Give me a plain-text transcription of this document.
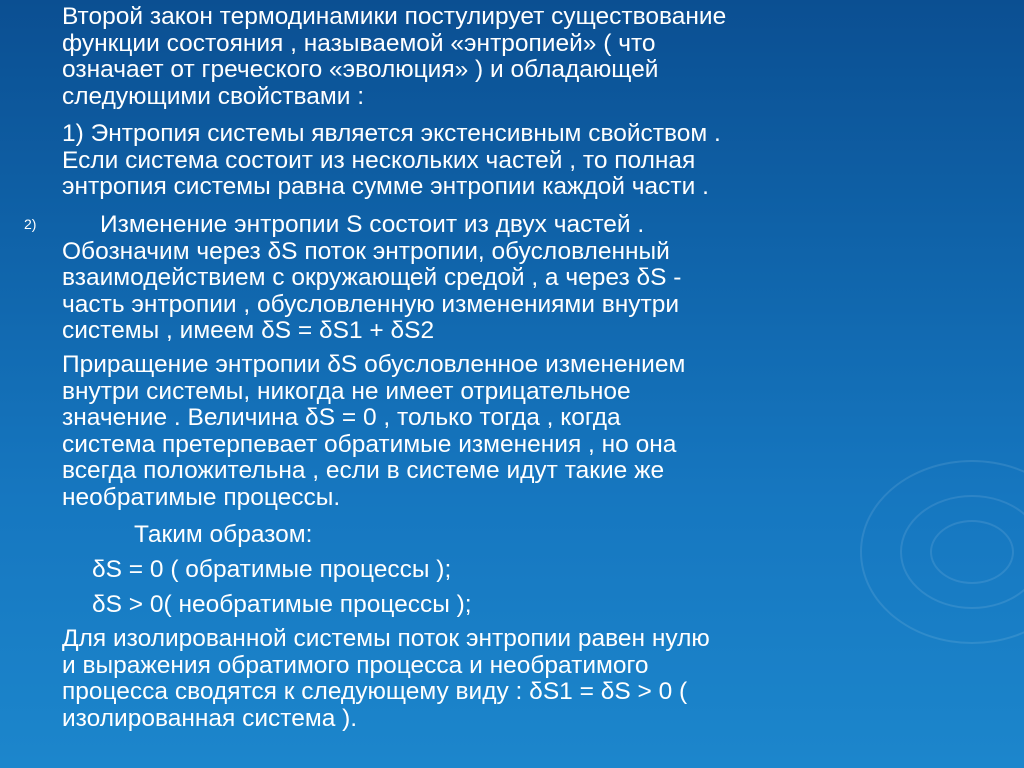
Второй закон термодинамики постулирует существование
функции состояния , называемой «энтропией» ( что
означает от греческого «эволюция» ) и обладающей
следующими свойствами :

1) Энтропия системы является экстенсивным свойством .
Если система состоит из нескольких частей , то полная
энтропия системы равна сумме энтропии каждой части .

2)	Изменение энтропии S состоит из двух частей .
Обозначим через δS поток энтропии, обусловленный
взаимодействием с окружающей средой , а через δS -
часть энтропии , обусловленную изменениями внутри
системы , имеем δS = δS1 + δS2

Приращение энтропии δS обусловленное изменением
внутри системы, никогда не имеет отрицательное
значение . Величина δS = 0 , только тогда , когда
система претерпевает обратимые изменения , но она
всегда положительна , если в системе идут такие же
необратимые процессы.

Таким образом:

δS = 0 ( обратимые процессы );

δS > 0( необратимые процессы );

Для изолированной системы поток энтропии равен нулю
и выражения обратимого процесса и необратимого
процесса сводятся к следующему виду : δS1 = δS > 0 (
изолированная система ).
